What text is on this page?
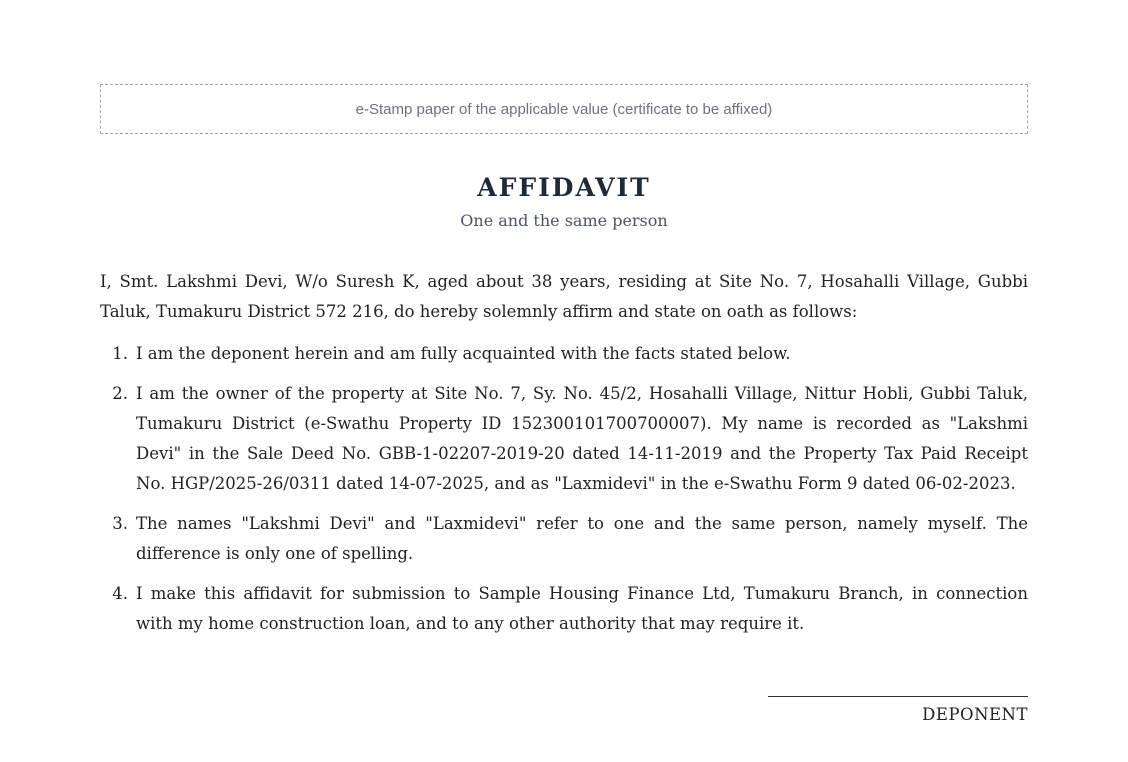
e-Stamp paper of the applicable value (certificate to be affixed)
AFFIDAVIT
One and the same person

I, Smt. Lakshmi Devi, W/o Suresh K, aged about 38 years, residing at Site No. 7, Hosahalli Village, Gubbi Taluk, Tumakuru District 572 216, do hereby solemnly affirm and state on oath as follows:

1. I am the deponent herein and am fully acquainted with the facts stated below.
2. I am the owner of the property at Site No. 7, Sy. No. 45/2, Hosahalli Village, Nittur Hobli, Gubbi Taluk, Tumakuru District (e-Swathu Property ID 152300101700700007). My name is recorded as "Lakshmi Devi" in the Sale Deed No. GBB-1-02207-2019-20 dated 14-11-2019 and the Property Tax Paid Receipt No. HGP/2025-26/0311 dated 14-07-2025, and as "Laxmidevi" in the e-Swathu Form 9 dated 06-02-2023.
3. The names "Lakshmi Devi" and "Laxmidevi" refer to one and the same person, namely myself. The difference is only one of spelling.
4. I make this affidavit for submission to Sample Housing Finance Ltd, Tumakuru Branch, in connection with my home construction loan, and to any other authority that may require it.
DEPONENT
